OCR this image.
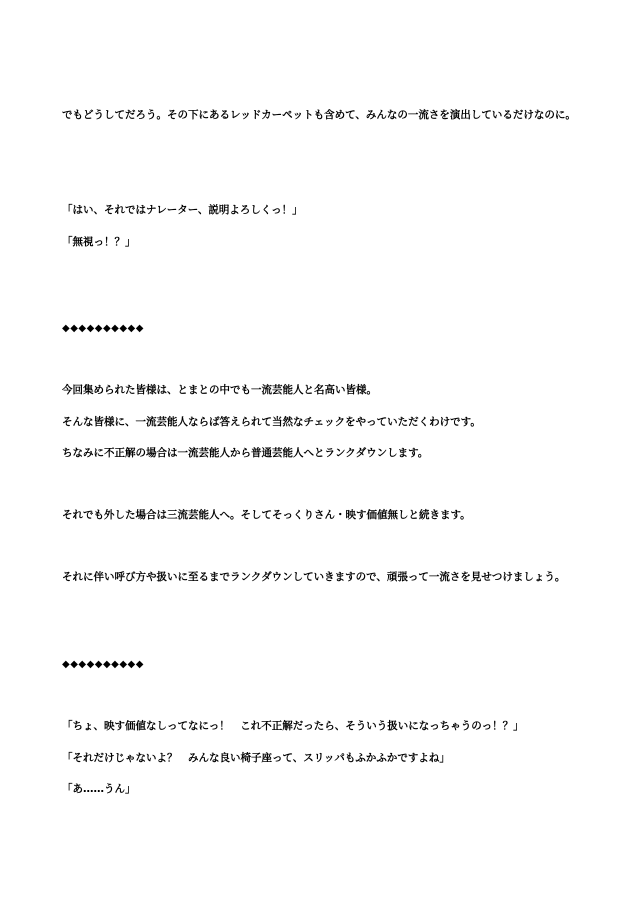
でもどうしてだろう。その下にあるレッドカーペットも含めて、みんなの一流さを演出しているだけなのに。
「はい、それではナレーター、説明よろしくっ！」
「無視っ！？」
◆◆◆◆◆◆◆◆◆◆
今回集められた皆様は、とまとの中でも一流芸能人と名高い皆様。
そんな皆様に、一流芸能人ならば答えられて当然なチェックをやっていただくわけです。
ちなみに不正解の場合は一流芸能人から普通芸能人へとランクダウンします。
それでも外した場合は三流芸能人へ。そしてそっくりさん・映す価値無しと続きます。
それに伴い呼び方や扱いに至るまでランクダウンしていきますので、頑張って一流さを見せつけましょう。
◆◆◆◆◆◆◆◆◆◆
「ちょ、映す価値なしってなにっ！　これ不正解だったら、そういう扱いになっちゃうのっ！？」
「それだけじゃないよ？　みんな良い椅子座って、スリッパもふかふかですよね」
「あ……うん」
